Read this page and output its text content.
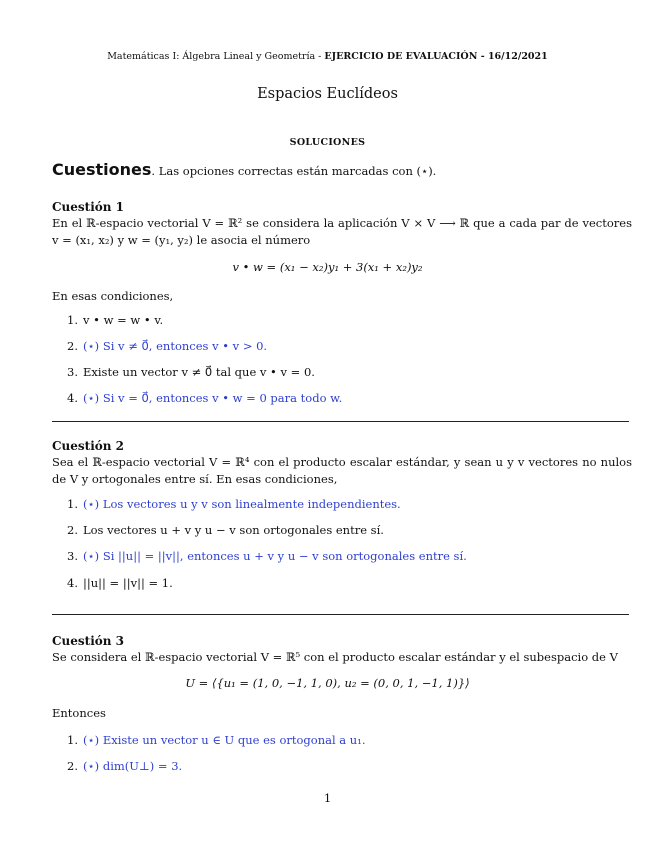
Matemáticas I: Álgebra Lineal y Geometría - EJERCICIO DE EVALUACIÓN - 16/12/2021
Espacios Euclídeos
SOLUCIONES
Cuestiones. Las opciones correctas están marcadas con (⋆).
Cuestión 1
En el ℝ-espacio vectorial V = ℝ² se considera la aplicación V × V ⟶ ℝ que a cada par de vectores v = (x₁, x₂) y w = (y₁, y₂) le asocia el número
v • w = (x₁ − x₂)y₁ + 3(x₁ + x₂)y₂
En esas condiciones,
1. v • w = w • v.
2. (⋆) Si v ≠ 0⃗, entonces v • v > 0.
3. Existe un vector v ≠ 0⃗ tal que v • v = 0.
4. (⋆) Si v = 0⃗, entonces v • w = 0 para todo w.
Cuestión 2
Sea el ℝ-espacio vectorial V = ℝ⁴ con el producto escalar estándar, y sean u y v vectores no nulos de V y ortogonales entre sí. En esas condiciones,
1. (⋆) Los vectores u y v son linealmente independientes.
2. Los vectores u + v y u − v son ortogonales entre sí.
3. (⋆) Si ||u|| = ||v||, entonces u + v y u − v son ortogonales entre sí.
4. ||u|| = ||v|| = 1.
Cuestión 3
Se considera el ℝ-espacio vectorial V = ℝ⁵ con el producto escalar estándar y el subespacio de V
U = ⟨{u₁ = (1, 0, −1, 1, 0), u₂ = (0, 0, 1, −1, 1)}⟩
Entonces
1. (⋆) Existe un vector u ∈ U que es ortogonal a u₁.
2. (⋆) dim(U⊥) = 3.
1
